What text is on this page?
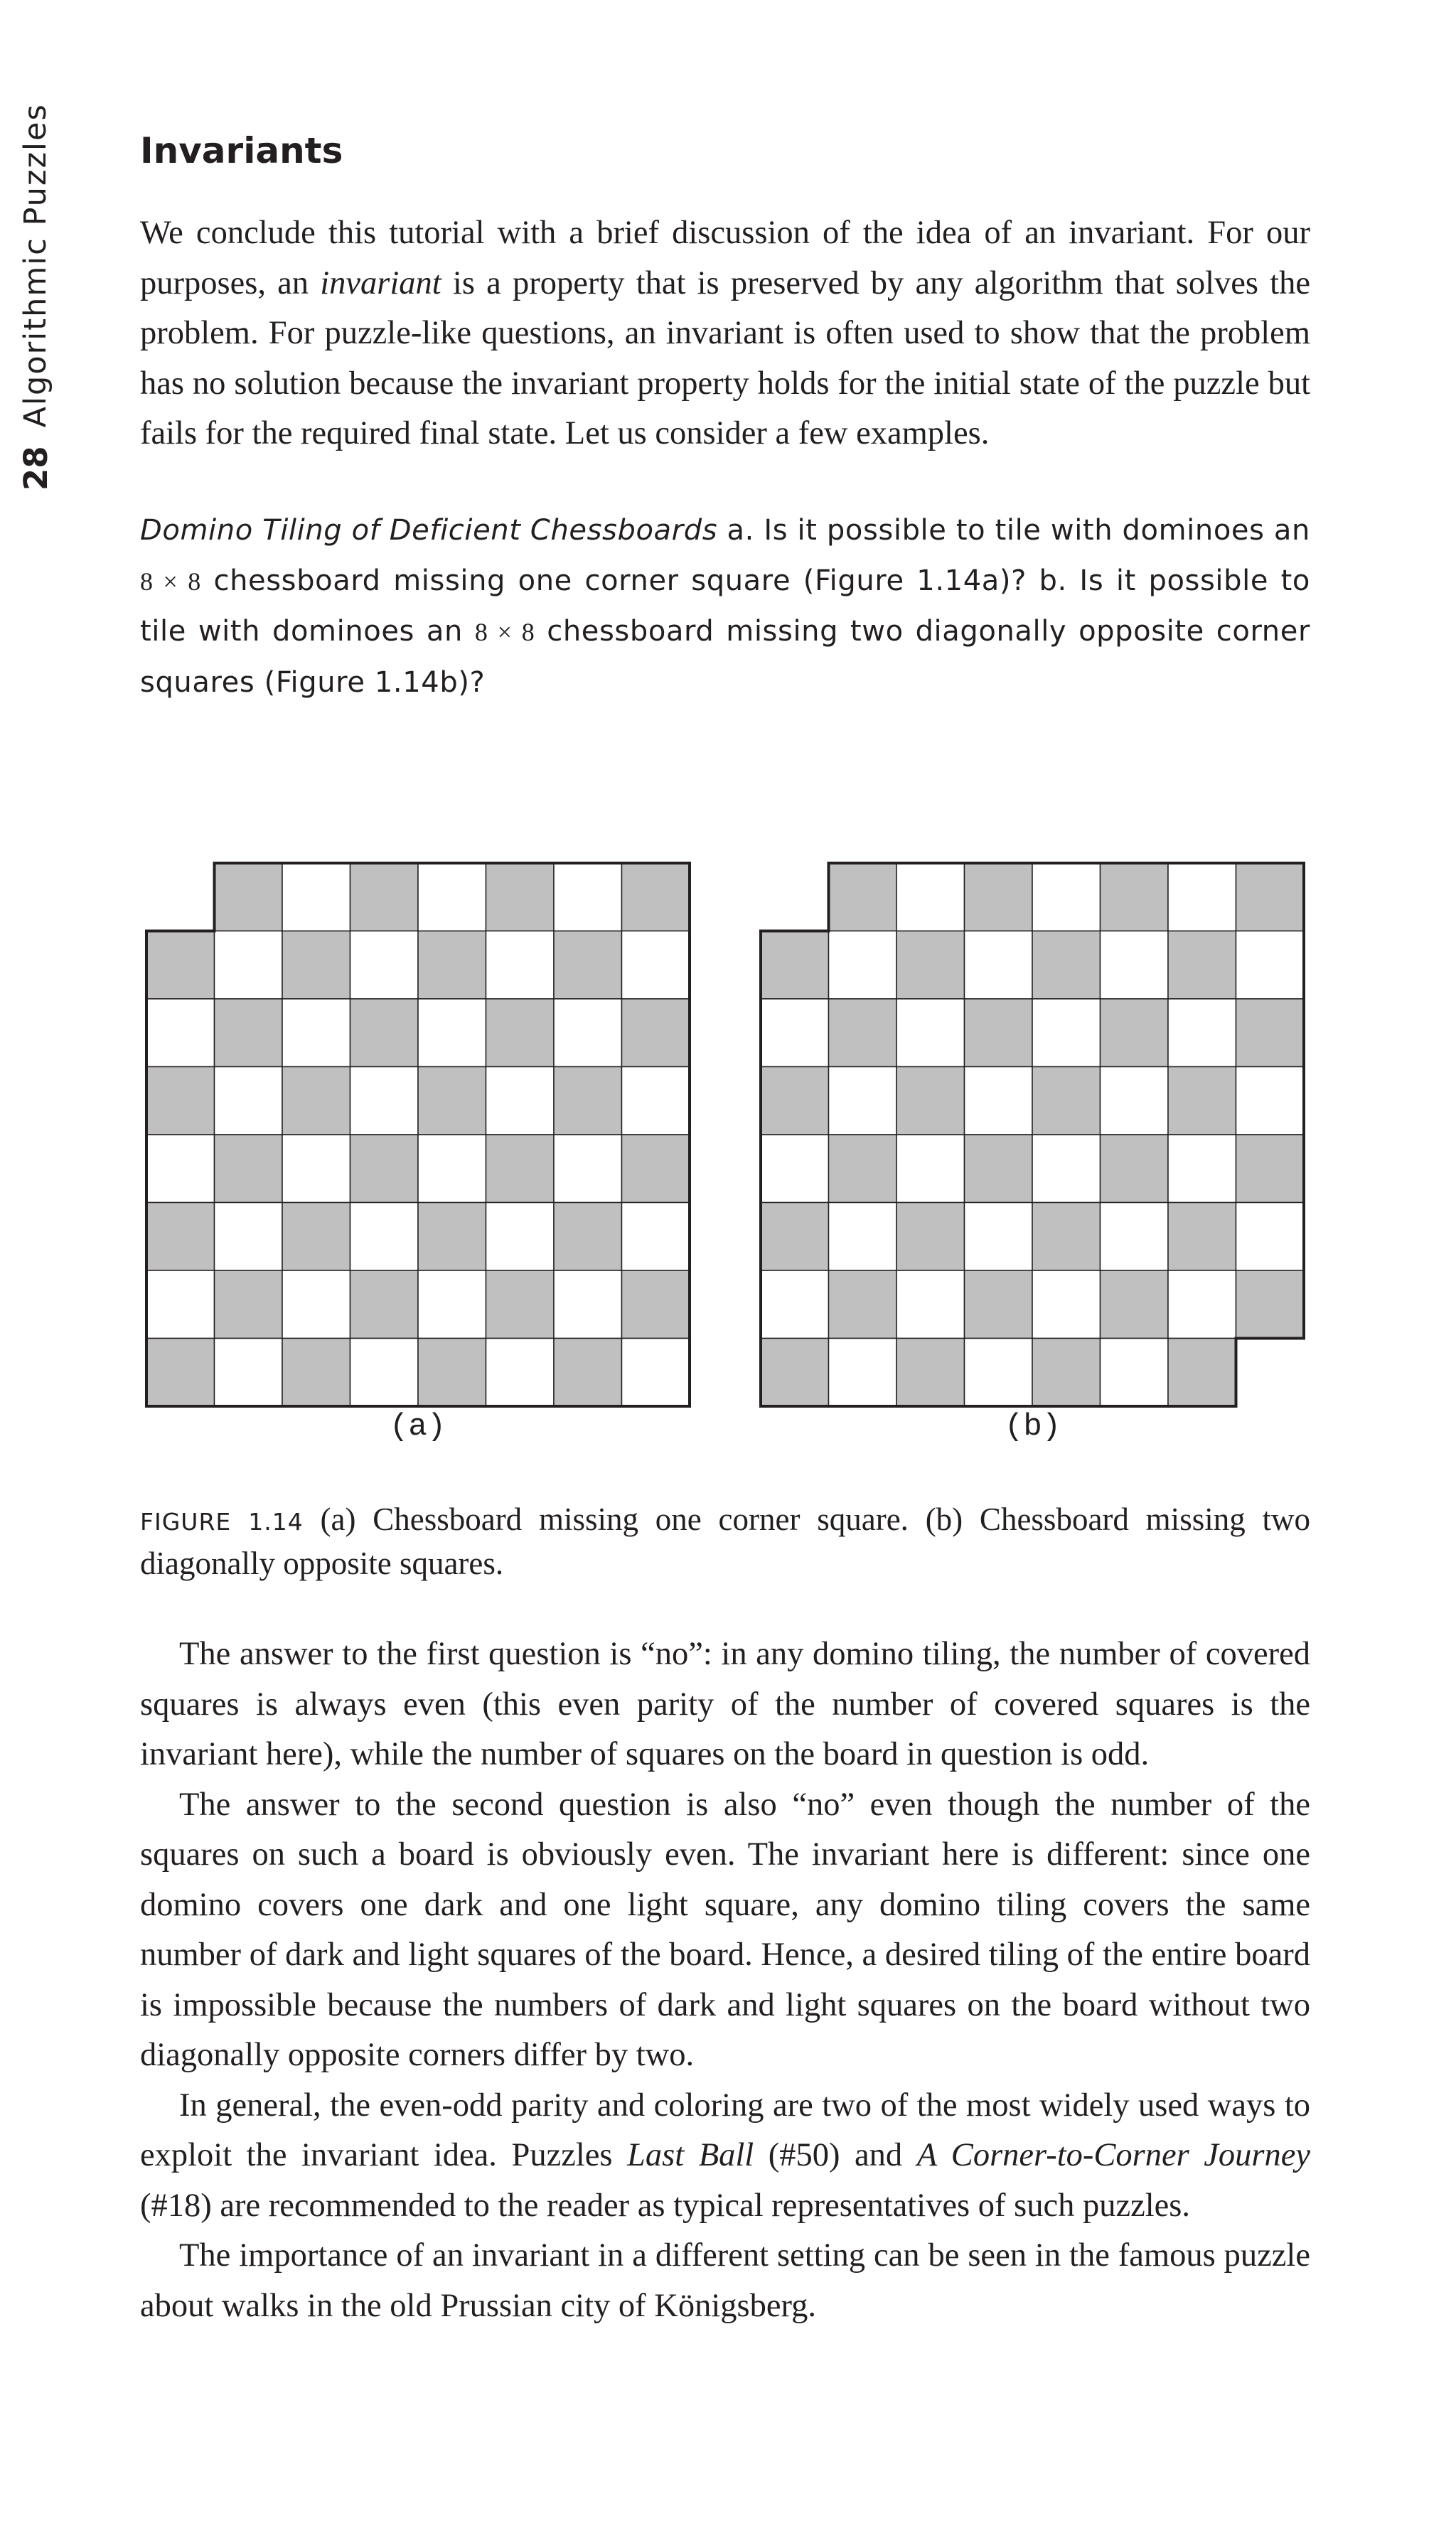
28
Algorithmic Puzzles Invariants

We conclude this tutorial with a brief discussion of the idea of an invariant. For our purposes, an invariant is a property that is preserved by any algorithm that solves the problem. For puzzle-like questions, an invariant is often used to show that the problem has no solution because the invariant property holds for the initial state of the puzzle but fails for the required final state. Let us consider a few examples.

Domino Tiling of Deficient Chessboards a. Is it possible to tile with dominoes an 8 × 8 chessboard missing one corner square (Figure 1.14a)? b. Is it possible to tile with dominoes an 8 × 8 chessboard missing two diagonally opposite corner squares (Figure 1.14b)?

(a)	(b)

FIGURE 1.14 (a) Chessboard missing one corner square. (b) Chessboard missing two diagonally opposite squares.

The answer to the first question is “no”: in any domino tiling, the number of covered squares is always even (this even parity of the number of covered squares is the invariant here), while the number of squares on the board in question is odd.

The answer to the second question is also “no” even though the number of the squares on such a board is obviously even. The invariant here is different: since one domino covers one dark and one light square, any domino tiling covers the same number of dark and light squares of the board. Hence, a desired tiling of the entire board is impossible because the numbers of dark and light squares on the board without two diagonally opposite corners differ by two.

In general, the even-odd parity and coloring are two of the most widely used ways to exploit the invariant idea. Puzzles Last Ball (#50) and A Corner-to-Corner Journey (#18) are recommended to the reader as typical representatives of such puzzles.

The importance of an invariant in a different setting can be seen in the famous puzzle about walks in the old Prussian city of Königsberg.
